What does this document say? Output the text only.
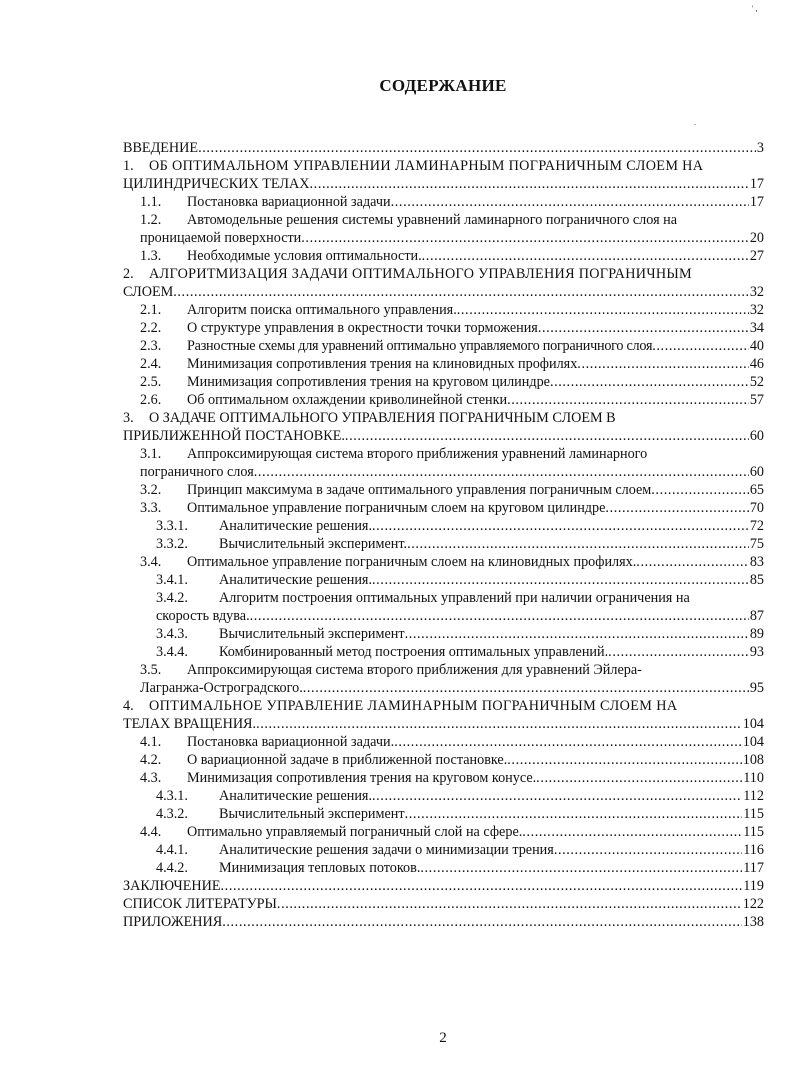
' ,
.
СОДЕРЖАНИЕ
ВВЕДЕНИЕ .....	3
1.	ОБ ОПТИМАЛЬНОМ УПРАВЛЕНИИ ЛАМИНАРНЫМ ПОГРАНИЧНЫМ СЛОЕМ НА
ЦИЛИНДРИЧЕСКИХ ТЕЛАХ .....	17
1.1.	Постановка вариационной задачи .....	17
1.2.	Автомодельные решения системы уравнений ламинарного пограничного слоя на
проницаемой поверхности .....	20
1.3.	Необходимые условия оптимальности. .....	27
2.	АЛГОРИТМИЗАЦИЯ ЗАДАЧИ ОПТИМАЛЬНОГО УПРАВЛЕНИЯ ПОГРАНИЧНЫМ
СЛОЕМ .....	32
2.1.	Алгоритм поиска оптимального управления. .....	32
2.2.	О структуре управления в окрестности точки торможения .....	34
2.3.	Разностные схемы для уравнений оптимально управляемого пограничного слоя .....	40
2.4.	Минимизация сопротивления трения на клиновидных профилях .....	46
2.5.	Минимизация сопротивления трения на круговом цилиндре .....	52
2.6.	Об оптимальном охлаждении криволинейной стенки .....	57
3.	О ЗАДАЧЕ ОПТИМАЛЬНОГО УПРАВЛЕНИЯ ПОГРАНИЧНЫМ СЛОЕМ В
ПРИБЛИЖЕННОЙ ПОСТАНОВКЕ. .....	60
3.1.	Аппроксимирующая система второго приближения уравнений ламинарного
пограничного слоя .....	60
3.2.	Принцип максимума в задаче оптимального управления пограничным слоем .....	65
3.3.	Оптимальное управление пограничным слоем на круговом цилиндре .....	70
3.3.1.	Аналитические решения. .....	72
3.3.2.	Вычислительный эксперимент. .....	75
3.4.	Оптимальное управление пограничным слоем на клиновидных профилях. .....	83
3.4.1.	Аналитические решения. .....	85
3.4.2.	Алгоритм построения оптимальных управлений при наличии ограничения на
скорость вдува. .....	87
3.4.3.	Вычислительный эксперимент .....	89
3.4.4.	Комбинированный метод построения оптимальных управлений. .....	93
3.5.	Аппроксимирующая система второго приближения для уравнений Эйлера-
Лагранжа-Остроградского. .....	95
4.	ОПТИМАЛЬНОЕ УПРАВЛЕНИЕ ЛАМИНАРНЫМ ПОГРАНИЧНЫМ СЛОЕМ НА
ТЕЛАХ ВРАЩЕНИЯ. .....	104
4.1.	Постановка вариационной задачи. .....	104
4.2.	О вариационной задаче в приближенной постановке. .....	108
4.3.	Минимизация сопротивления трения на круговом конусе. .....	110
4.3.1.	Аналитические решения. .....	112
4.3.2.	Вычислительный эксперимент .....	115
4.4.	Оптимально управляемый пограничный слой на сфере. .....	115
4.4.1.	Аналитические решения задачи о минимизации трения .....	116
4.4.2.	Минимизация тепловых потоков. .....	117
ЗАКЛЮЧЕНИЕ .....	119
СПИСОК ЛИТЕРАТУРЫ .....	122
ПРИЛОЖЕНИЯ .....	138
2
